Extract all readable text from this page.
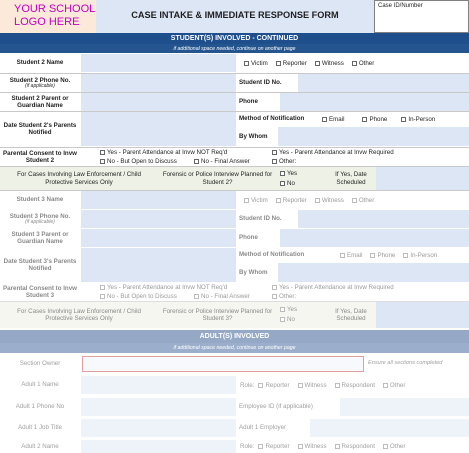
YOUR SCHOOL
LOGO HERE
CASE INTAKE & IMMEDIATE RESPONSE FORM
Case ID/Number
STUDENT(S) INVOLVED - CONTINUED
if additional space needed, continue on another page
Student 2 Name	Victim Reporter Witness Other
Student 2 Phone No.
(if applicable)	Student ID No.
Student 2 Parent or Guardian Name
Phone
Date Student 2's Parents Notified
Method of Notification	Email	Phone	In-Person
By Whom
Parental Consent to Invw Student 2
Yes - Parent Attendance at Invw NOT Req'd	Yes - Parent Attendance at Invw Required
No - But Open to Discuss	No - Final Answer	Other:
For Cases Involving Law Enforcement / Child Protective Services Only
Forensic or Police Interview Planned for Student 2?
Yes
No
If Yes, Date Scheduled
Student 3 Name	Victim Reporter Witness Other
Student 3 Phone No.
(if applicable)	Student ID No.
Student 3 Parent or Guardian Name
Phone
Date Student 3's Parents Notified
Method of Notification	Email Phone In-Person
By Whom
Parental Consent to Invw Student 3
Yes - Parent Attendance at Invw NOT Req'd	Yes - Parent Attendance at Invw Required
No - But Open to Discuss	No - Final Answer	Other:
For Cases Involving Law Enforcement / Child Protective Services Only
Forensic or Police Interview Planned for Student 3?
Yes
No
If Yes, Date Scheduled
ADULT(S) INVOLVED
if additional space needed, continue on another page
Section Owner	Ensure all sections completed
Adult 1 Name	Role: Reporter Witness Respondent Other
Adult 1 Phone No	Employee ID (if applicable)
Adult 1 Job Title	Adult 1 Employer
Adult 2 Name	Role: Reporter Witness Respondent Other
